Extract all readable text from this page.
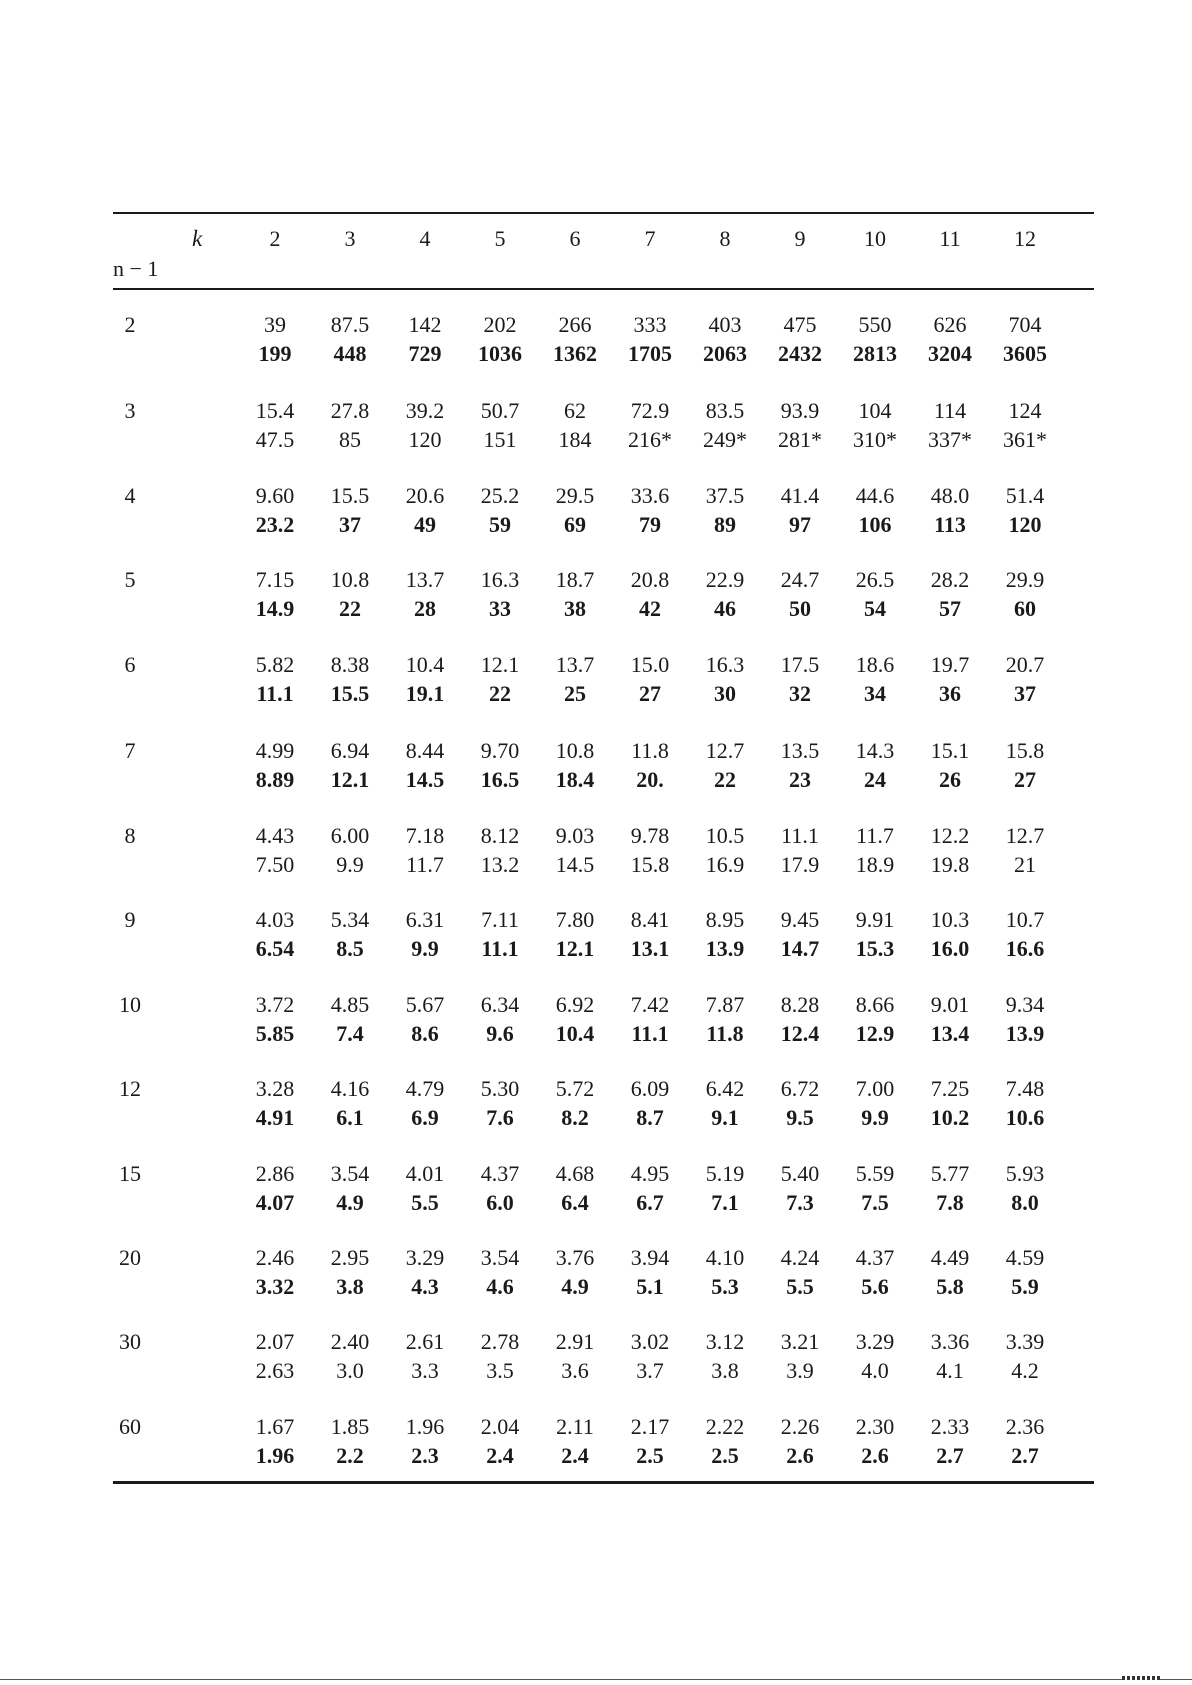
k
n − 1
2	3	4	5	6	7	8	9	10	11	12
2	39	87.5	142	202	266	333	403	475	550	626	704
199	448	729	1036	1362	1705	2063	2432	2813	3204	3605
3	15.4	27.8	39.2	50.7	62	72.9	83.5	93.9	104	114	124
47.5	85	120	151	184	216*	249*	281*	310*	337*	361*
4	9.60	15.5	20.6	25.2	29.5	33.6	37.5	41.4	44.6	48.0	51.4
23.2	37	49	59	69	79	89	97	106	113	120
5	7.15	10.8	13.7	16.3	18.7	20.8	22.9	24.7	26.5	28.2	29.9
14.9	22	28	33	38	42	46	50	54	57	60
6	5.82	8.38	10.4	12.1	13.7	15.0	16.3	17.5	18.6	19.7	20.7
11.1	15.5	19.1	22	25	27	30	32	34	36	37
7	4.99	6.94	8.44	9.70	10.8	11.8	12.7	13.5	14.3	15.1	15.8
8.89	12.1	14.5	16.5	18.4	20.	22	23	24	26	27
8	4.43	6.00	7.18	8.12	9.03	9.78	10.5	11.1	11.7	12.2	12.7
7.50	9.9	11.7	13.2	14.5	15.8	16.9	17.9	18.9	19.8	21
9	4.03	5.34	6.31	7.11	7.80	8.41	8.95	9.45	9.91	10.3	10.7
6.54	8.5	9.9	11.1	12.1	13.1	13.9	14.7	15.3	16.0	16.6
10	3.72	4.85	5.67	6.34	6.92	7.42	7.87	8.28	8.66	9.01	9.34
5.85	7.4	8.6	9.6	10.4	11.1	11.8	12.4	12.9	13.4	13.9
12	3.28	4.16	4.79	5.30	5.72	6.09	6.42	6.72	7.00	7.25	7.48
4.91	6.1	6.9	7.6	8.2	8.7	9.1	9.5	9.9	10.2	10.6
15	2.86	3.54	4.01	4.37	4.68	4.95	5.19	5.40	5.59	5.77	5.93
4.07	4.9	5.5	6.0	6.4	6.7	7.1	7.3	7.5	7.8	8.0
20	2.46	2.95	3.29	3.54	3.76	3.94	4.10	4.24	4.37	4.49	4.59
3.32	3.8	4.3	4.6	4.9	5.1	5.3	5.5	5.6	5.8	5.9
30	2.07	2.40	2.61	2.78	2.91	3.02	3.12	3.21	3.29	3.36	3.39
2.63	3.0	3.3	3.5	3.6	3.7	3.8	3.9	4.0	4.1	4.2
60	1.67	1.85	1.96	2.04	2.11	2.17	2.22	2.26	2.30	2.33	2.36
1.96	2.2	2.3	2.4	2.4	2.5	2.5	2.6	2.6	2.7	2.7
